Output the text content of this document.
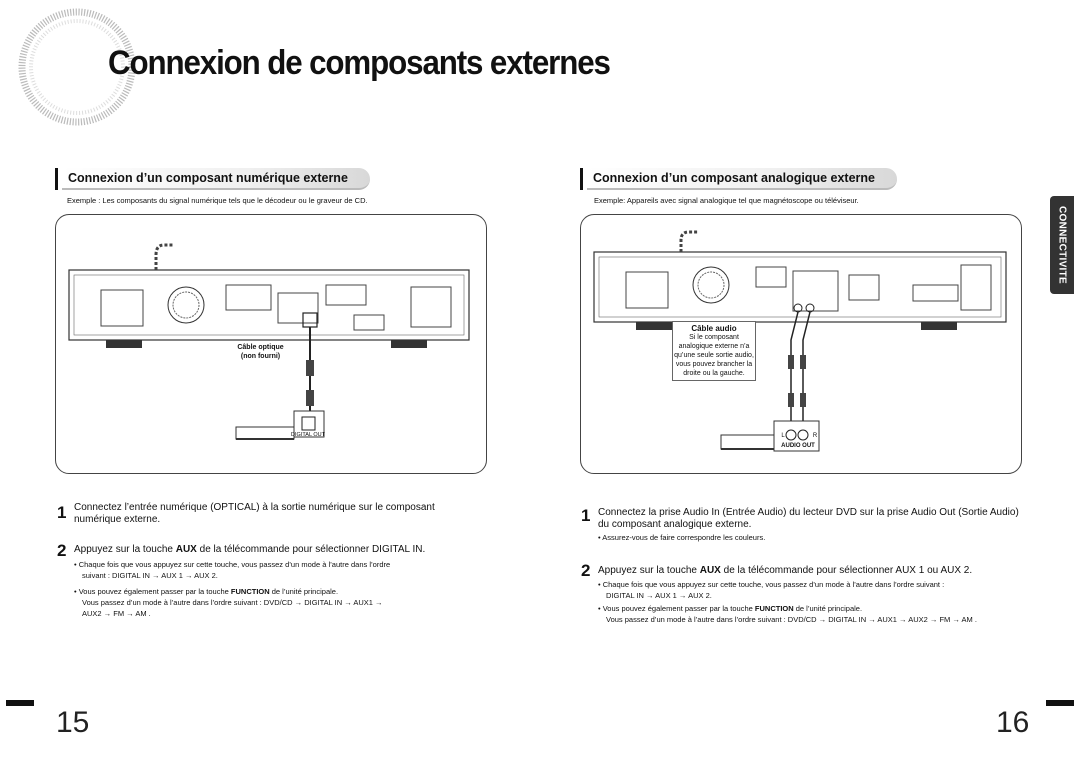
Connexion de composants externes
Connexion d’un composant numérique externe
Exemple : Les composants du signal numérique tels que le décodeur ou le graveur de CD.
Câble optique
(non fourni)
DIGITAL OUT
1 Connectez l’entrée numérique (OPTICAL) à la sortie numérique sur le composant
numérique externe.
2 Appuyez sur la touche AUX de la télécommande pour sélectionner DIGITAL IN.
• Chaque fois que vous appuyez sur cette touche, vous passez d’un mode à l’autre dans l’ordre
suivant : DIGITAL IN → AUX 1 → AUX 2.
• Vous pouvez également passer par la touche FUNCTION de l’unité principale.
Vous passez d’un mode à l’autre dans l’ordre suivant : DVD/CD → DIGITAL IN → AUX1 →
AUX2 → FM → AM .
Connexion d’un composant analogique externe
Exemple: Appareils avec signal analogique tel que magnétoscope ou téléviseur.
Câble audio
Si le composant
analogique externe n’a
qu’une seule sortie audio,
vous pouvez brancher la
droite ou la gauche.
L	R
AUDIO OUT
1 Connectez la prise Audio In (Entrée Audio) du lecteur DVD sur la prise Audio Out (Sortie Audio)
du composant analogique externe.
• Assurez-vous de faire correspondre les couleurs.
2 Appuyez sur la touche AUX de la télécommande pour sélectionner AUX 1 ou AUX 2.
• Chaque fois que vous appuyez sur cette touche, vous passez d’un mode à l’autre dans l’ordre suivant :
DIGITAL IN → AUX 1 → AUX 2.
• Vous pouvez également passer par la touche FUNCTION de l’unité principale.
Vous passez d’un mode à l’autre dans l’ordre suivant : DVD/CD → DIGITAL IN → AUX1 → AUX2 → FM → AM .
CONNECTIVITE
15	16
